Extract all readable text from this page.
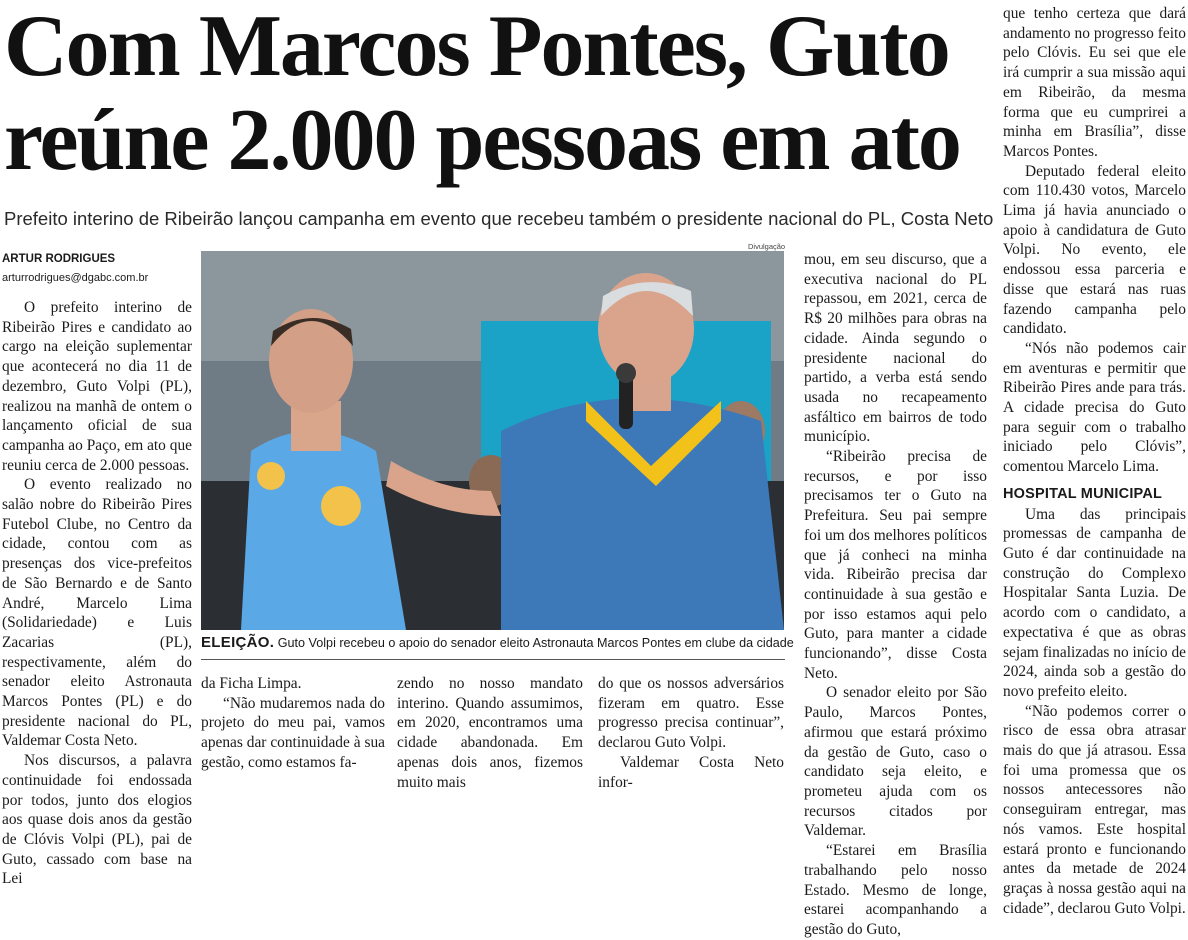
Com Marcos Pontes, Guto
reúne 2.000 pessoas em ato
Prefeito interino de Ribeirão lançou campanha em evento que recebeu também o presidente nacional do PL, Costa Neto
ARTUR RODRIGUES
arturrodrigues@dgabc.com.br
Divulgação
ELEIÇÃO. Guto Volpi recebeu o apoio do senador eleito Astronauta Marcos Pontes em clube da cidade

O prefeito interino de Ribeirão Pires e candidato ao cargo na eleição suplementar que acontecerá no dia 11 de dezembro, Guto Volpi (PL), realizou na manhã de ontem o lançamento oficial de sua campanha ao Paço, em ato que reuniu cerca de 2.000 pessoas.

O evento realizado no salão nobre do Ribeirão Pires Futebol Clube, no Centro da cidade, contou com as presenças dos vice-prefeitos de São Bernardo e de Santo André, Marcelo Lima (Solidariedade) e Luis Zacarias (PL), respectivamente, além do senador eleito Astronauta Marcos Pontes (PL) e do presidente nacional do PL, Valdemar Costa Neto.

Nos discursos, a palavra continuidade foi endossada por todos, junto dos elogios aos quase dois anos da gestão de Clóvis Volpi (PL), pai de Guto, cassado com base na Lei

da Ficha Limpa.

“Não mudaremos nada do projeto do meu pai, vamos apenas dar continuidade à sua gestão, como estamos fa-

zendo no nosso mandato interino. Quando assumimos, em 2020, encontramos uma cidade abandonada. Em apenas dois anos, fizemos muito mais

do que os nossos adversários fizeram em quatro. Esse progresso precisa continuar”, declarou Guto Volpi.

Valdemar Costa Neto infor-

mou, em seu discurso, que a executiva nacional do PL repassou, em 2021, cerca de R$ 20 milhões para obras na cidade. Ainda segundo o presidente nacional do partido, a verba está sendo usada no recapeamento asfáltico em bairros de todo município.

“Ribeirão precisa de recursos, e por isso precisamos ter o Guto na Prefeitura. Seu pai sempre foi um dos melhores políticos que já conheci na minha vida. Ribeirão precisa dar continuidade à sua gestão e por isso estamos aqui pelo Guto, para manter a cidade funcionando”, disse Costa Neto.

O senador eleito por São Paulo, Marcos Pontes, afirmou que estará próximo da gestão de Guto, caso o candidato seja eleito, e prometeu ajuda com os recursos citados por Valdemar.

“Estarei em Brasília trabalhando pelo nosso Estado. Mesmo de longe, estarei acompanhando a gestão do Guto,

que tenho certeza que dará andamento no progresso feito pelo Clóvis. Eu sei que ele irá cumprir a sua missão aqui em Ribeirão, da mesma forma que eu cumprirei a minha em Brasília”, disse Marcos Pontes.

Deputado federal eleito com 110.430 votos, Marcelo Lima já havia anunciado o apoio à candidatura de Guto Volpi. No evento, ele endossou essa parceria e disse que estará nas ruas fazendo campanha pelo candidato.

“Nós não podemos cair em aventuras e permitir que Ribeirão Pires ande para trás. A cidade precisa do Guto para seguir com o trabalho iniciado pelo Clóvis”, comentou Marcelo Lima.

HOSPITAL MUNICIPAL

Uma das principais promessas de campanha de Guto é dar continuidade na construção do Complexo Hospitalar Santa Luzia. De acordo com o candidato, a expectativa é que as obras sejam finalizadas no início de 2024, ainda sob a gestão do novo prefeito eleito.

“Não podemos correr o risco de essa obra atrasar mais do que já atrasou. Essa foi uma promessa que os nossos antecessores não conseguiram entregar, mas nós vamos. Este hospital estará pronto e funcionando antes da metade de 2024 graças à nossa gestão aqui na cidade”, declarou Guto Volpi.
